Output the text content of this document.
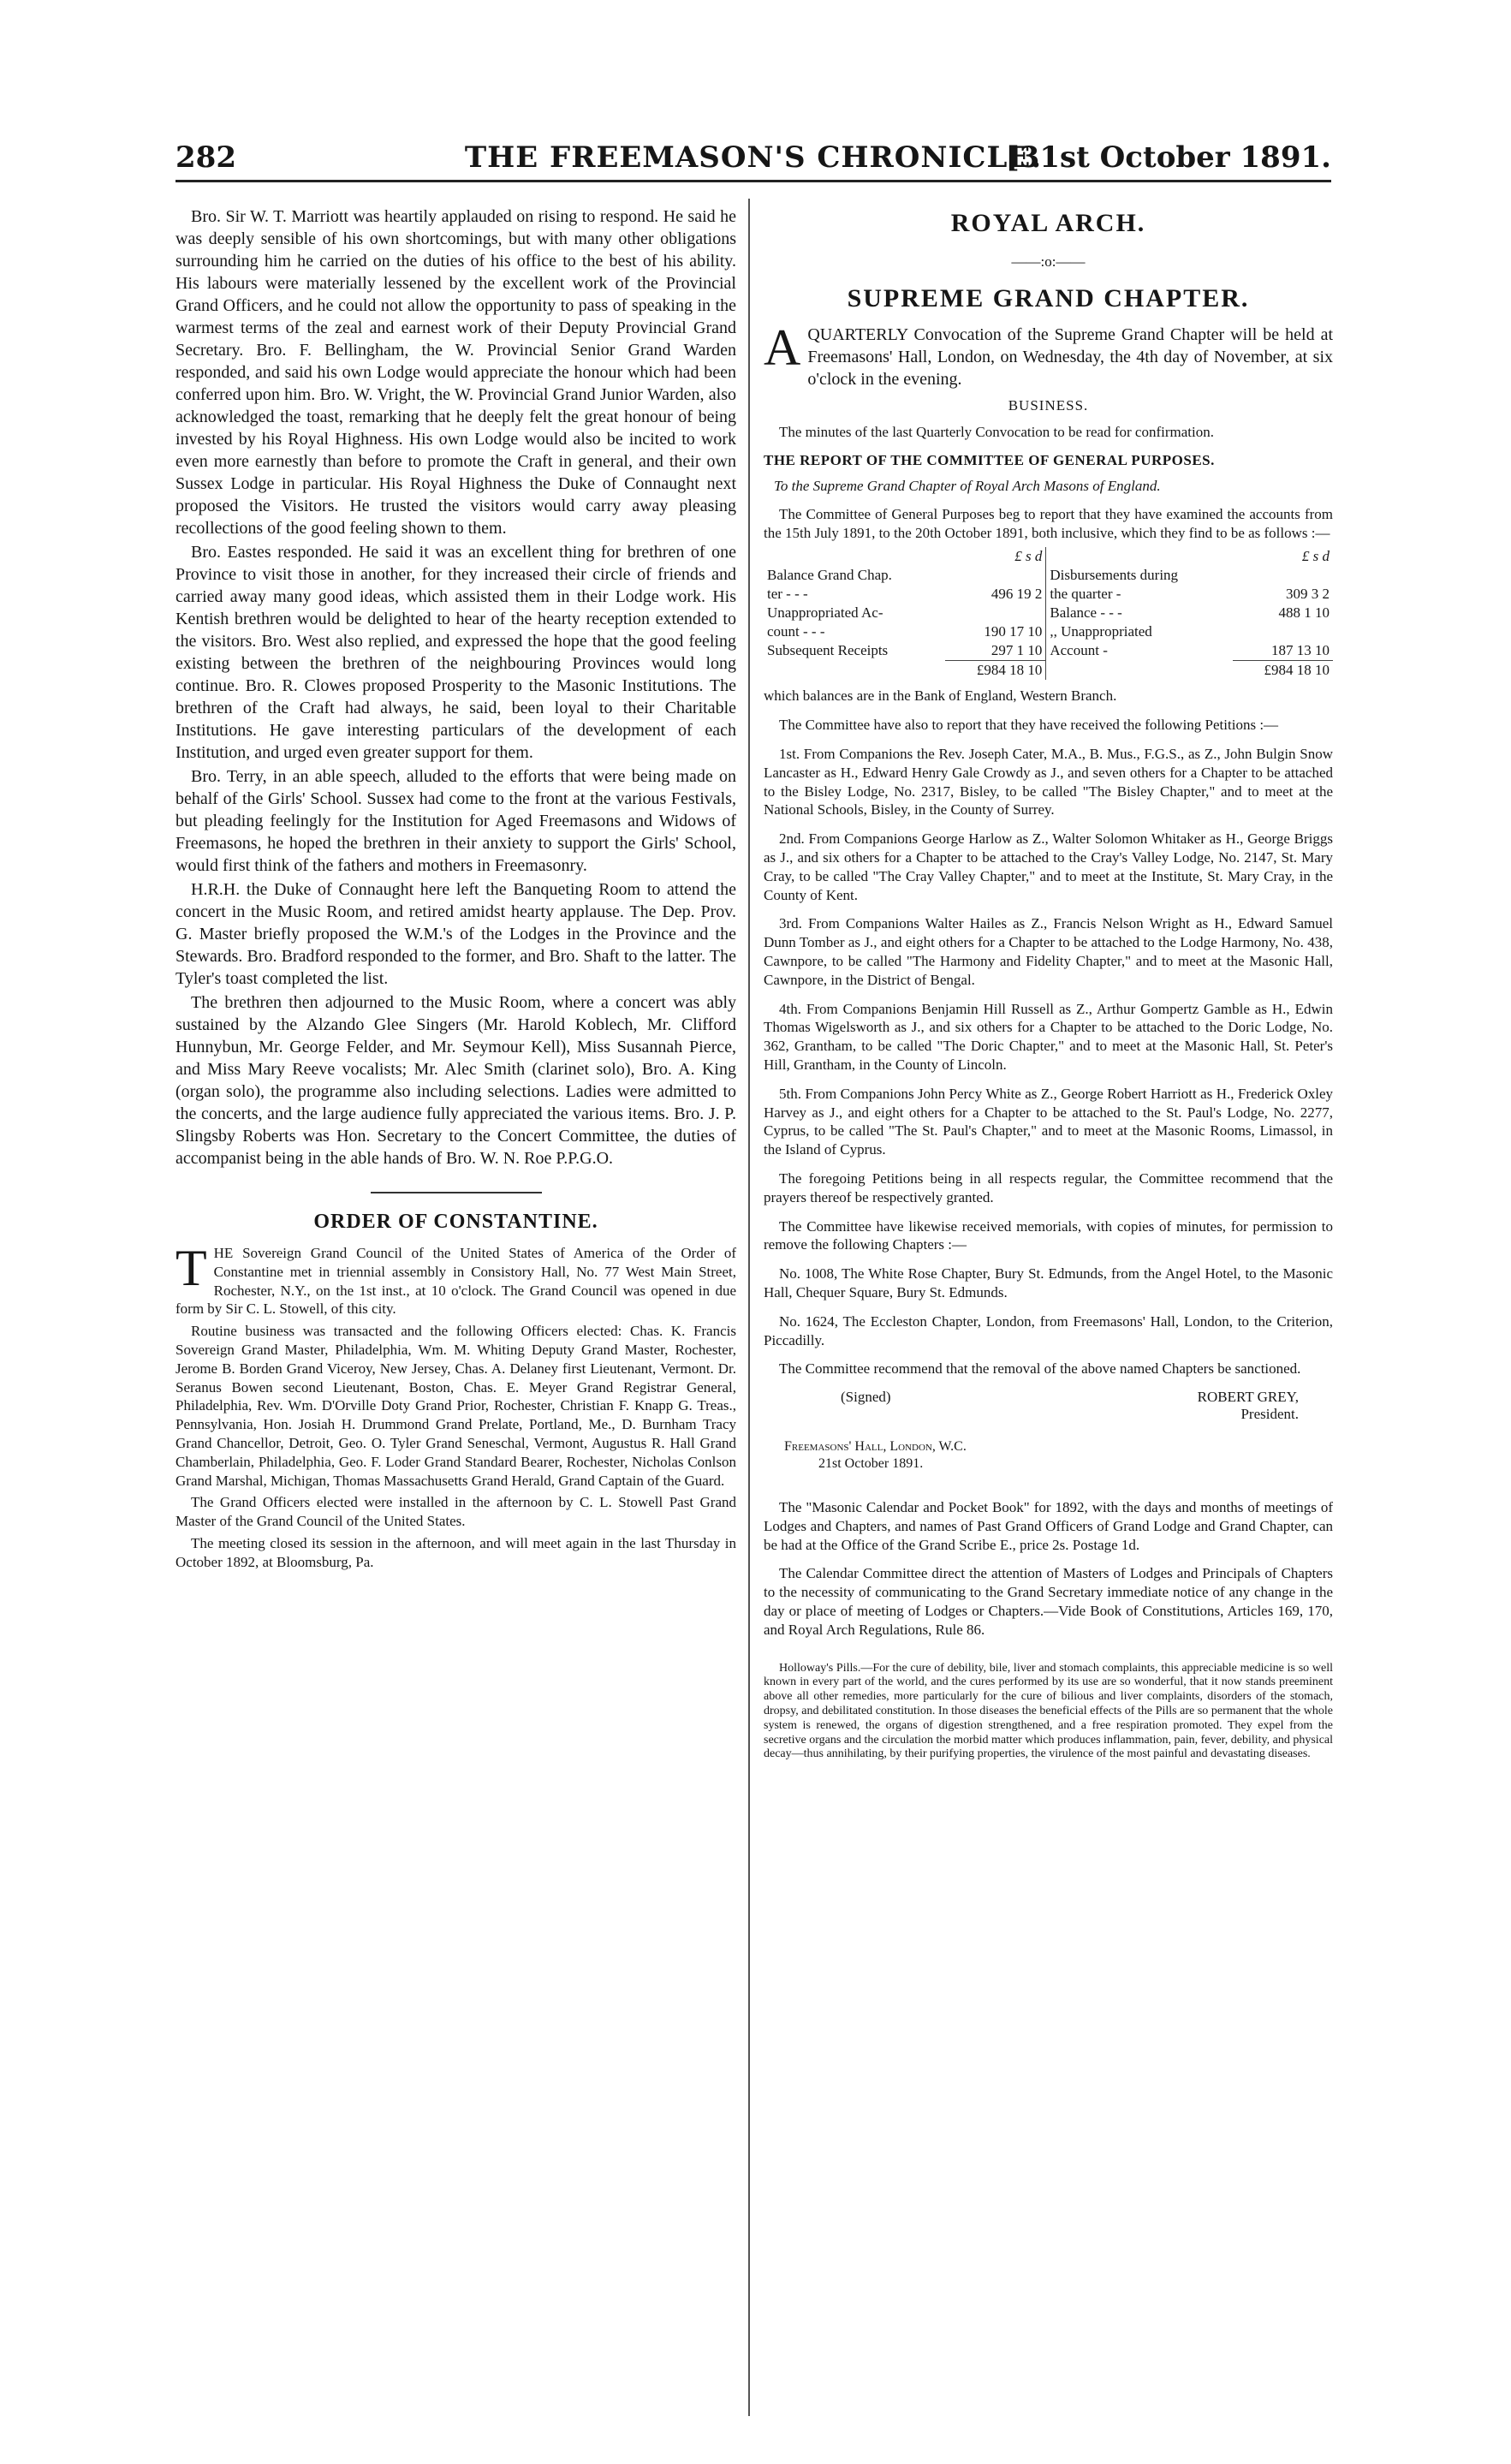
282	THE FREEMASON'S CHRONICLE.
[31st October 1891.

Bro. Sir W. T. Marriott was heartily applauded on rising to respond. He said he was deeply sensible of his own shortcomings, but with many other obligations surrounding him he carried on the duties of his office to the best of his ability. His labours were materially lessened by the excellent work of the Provincial Grand Officers, and he could not allow the opportunity to pass of speaking in the warmest terms of the zeal and earnest work of their Deputy Provincial Grand Secretary. Bro. F. Bellingham, the W. Provincial Senior Grand Warden responded, and said his own Lodge would appreciate the honour which had been conferred upon him. Bro. W. Vright, the W. Provincial Grand Junior Warden, also acknowledged the toast, remarking that he deeply felt the great honour of being invested by his Royal Highness. His own Lodge would also be incited to work even more earnestly than before to promote the Craft in general, and their own Sussex Lodge in particular. His Royal Highness the Duke of Connaught next proposed the Visitors. He trusted the visitors would carry away pleasing recollections of the good feeling shown to them.

Bro. Eastes responded. He said it was an excellent thing for brethren of one Province to visit those in another, for they increased their circle of friends and carried away many good ideas, which assisted them in their Lodge work. His Kentish brethren would be delighted to hear of the hearty reception extended to the visitors. Bro. West also replied, and expressed the hope that the good feeling existing between the brethren of the neighbouring Provinces would long continue. Bro. R. Clowes proposed Prosperity to the Masonic Institutions. The brethren of the Craft had always, he said, been loyal to their Charitable Institutions. He gave interesting particulars of the development of each Institution, and urged even greater support for them.

Bro. Terry, in an able speech, alluded to the efforts that were being made on behalf of the Girls' School. Sussex had come to the front at the various Festivals, but pleading feelingly for the Institution for Aged Freemasons and Widows of Freemasons, he hoped the brethren in their anxiety to support the Girls' School, would first think of the fathers and mothers in Freemasonry.

H.R.H. the Duke of Connaught here left the Banqueting Room to attend the concert in the Music Room, and retired amidst hearty applause. The Dep. Prov. G. Master briefly proposed the W.M.'s of the Lodges in the Province and the Stewards. Bro. Bradford responded to the former, and Bro. Shaft to the latter. The Tyler's toast completed the list.

The brethren then adjourned to the Music Room, where a concert was ably sustained by the Alzando Glee Singers (Mr. Harold Koblech, Mr. Clifford Hunnybun, Mr. George Felder, and Mr. Seymour Kell), Miss Susannah Pierce, and Miss Mary Reeve vocalists; Mr. Alec Smith (clarinet solo), Bro. A. King (organ solo), the programme also including selections. Ladies were admitted to the concerts, and the large audience fully appreciated the various items. Bro. J. P. Slingsby Roberts was Hon. Secretary to the Concert Committee, the duties of accompanist being in the able hands of Bro. W. N. Roe P.P.G.O.

ORDER OF CONSTANTINE.

THE Sovereign Grand Council of the United States of America of the Order of Constantine met in triennial assembly in Consistory Hall, No. 77 West Main Street, Rochester, N.Y., on the 1st inst., at 10 o'clock. The Grand Council was opened in due form by Sir C. L. Stowell, of this city.

Routine business was transacted and the following Officers elected: Chas. K. Francis Sovereign Grand Master, Philadelphia, Wm. M. Whiting Deputy Grand Master, Rochester, Jerome B. Borden Grand Viceroy, New Jersey, Chas. A. Delaney first Lieutenant, Vermont. Dr. Seranus Bowen second Lieutenant, Boston, Chas. E. Meyer Grand Registrar General, Philadelphia, Rev. Wm. D'Orville Doty Grand Prior, Rochester, Christian F. Knapp G. Treas., Pennsylvania, Hon. Josiah H. Drummond Grand Prelate, Portland, Me., D. Burnham Tracy Grand Chancellor, Detroit, Geo. O. Tyler Grand Seneschal, Vermont, Augustus R. Hall Grand Chamberlain, Philadelphia, Geo. F. Loder Grand Standard Bearer, Rochester, Nicholas Conlson Grand Marshal, Michigan, Thomas Massachusetts Grand Herald, Grand Captain of the Guard.

The Grand Officers elected were installed in the afternoon by C. L. Stowell Past Grand Master of the Grand Council of the United States.

The meeting closed its session in the afternoon, and will meet again in the last Thursday in October 1892, at Bloomsburg, Pa.

ROYAL ARCH.

——:o:——

SUPREME GRAND CHAPTER.

AQUARTERLY Convocation of the Supreme Grand Chapter will be held at Freemasons' Hall, London, on Wednesday, the 4th day of November, at six o'clock in the evening.

BUSINESS.

The minutes of the last Quarterly Convocation to be read for confirmation.

THE REPORT OF THE COMMITTEE OF GENERAL PURPOSES.

To the Supreme Grand Chapter of Royal Arch Masons of England.

The Committee of General Purposes beg to report that they have examined the accounts from the 15th July 1891, to the 20th October 1891, both inclusive, which they find to be as follows :—

	£ s d		£ s d
Balance Grand Chap.		Disbursements during	
ter - - -	496 19 2	the quarter -	309 3 2
Unappropriated Ac-		Balance - - -	488 1 10
count - - -	190 17 10	,, Unappropriated	
Subsequent Receipts	297 1 10	Account -	187 13 10
	£984 18 10		£984 18 10

which balances are in the Bank of England, Western Branch.

The Committee have also to report that they have received the following Petitions :—

1st. From Companions the Rev. Joseph Cater, M.A., B. Mus., F.G.S., as Z., John Bulgin Snow Lancaster as H., Edward Henry Gale Crowdy as J., and seven others for a Chapter to be attached to the Bisley Lodge, No. 2317, Bisley, to be called "The Bisley Chapter," and to meet at the National Schools, Bisley, in the County of Surrey.

2nd. From Companions George Harlow as Z., Walter Solomon Whitaker as H., George Briggs as J., and six others for a Chapter to be attached to the Cray's Valley Lodge, No. 2147, St. Mary Cray, to be called "The Cray Valley Chapter," and to meet at the Institute, St. Mary Cray, in the County of Kent.

3rd. From Companions Walter Hailes as Z., Francis Nelson Wright as H., Edward Samuel Dunn Tomber as J., and eight others for a Chapter to be attached to the Lodge Harmony, No. 438, Cawnpore, to be called "The Harmony and Fidelity Chapter," and to meet at the Masonic Hall, Cawnpore, in the District of Bengal.

4th. From Companions Benjamin Hill Russell as Z., Arthur Gompertz Gamble as H., Edwin Thomas Wigelsworth as J., and six others for a Chapter to be attached to the Doric Lodge, No. 362, Grantham, to be called "The Doric Chapter," and to meet at the Masonic Hall, St. Peter's Hill, Grantham, in the County of Lincoln.

5th. From Companions John Percy White as Z., George Robert Harriott as H., Frederick Oxley Harvey as J., and eight others for a Chapter to be attached to the St. Paul's Lodge, No. 2277, Cyprus, to be called "The St. Paul's Chapter," and to meet at the Masonic Rooms, Limassol, in the Island of Cyprus.

The foregoing Petitions being in all respects regular, the Committee recommend that the prayers thereof be respectively granted.

The Committee have likewise received memorials, with copies of minutes, for permission to remove the following Chapters :—

No. 1008, The White Rose Chapter, Bury St. Edmunds, from the Angel Hotel, to the Masonic Hall, Chequer Square, Bury St. Edmunds.

No. 1624, The Eccleston Chapter, London, from Freemasons' Hall, London, to the Criterion, Piccadilly.

The Committee recommend that the removal of the above named Chapters be sanctioned.

(Signed)	ROBERT GREY,
President.
Freemasons' Hall, London, W.C.
21st October 1891.

The "Masonic Calendar and Pocket Book" for 1892, with the days and months of meetings of Lodges and Chapters, and names of Past Grand Officers of Grand Lodge and Grand Chapter, can be had at the Office of the Grand Scribe E., price 2s. Postage 1d.

The Calendar Committee direct the attention of Masters of Lodges and Principals of Chapters to the necessity of communicating to the Grand Secretary immediate notice of any change in the day or place of meeting of Lodges or Chapters.—Vide Book of Constitutions, Articles 169, 170, and Royal Arch Regulations, Rule 86.

Holloway's Pills.—For the cure of debility, bile, liver and stomach complaints, this appreciable medicine is so well known in every part of the world, and the cures performed by its use are so wonderful, that it now stands preeminent above all other remedies, more particularly for the cure of bilious and liver complaints, disorders of the stomach, dropsy, and debilitated constitution. In those diseases the beneficial effects of the Pills are so permanent that the whole system is renewed, the organs of digestion strengthened, and a free respiration promoted. They expel from the secretive organs and the circulation the morbid matter which produces inflammation, pain, fever, debility, and physical decay—thus annihilating, by their purifying properties, the virulence of the most painful and devastating diseases.
